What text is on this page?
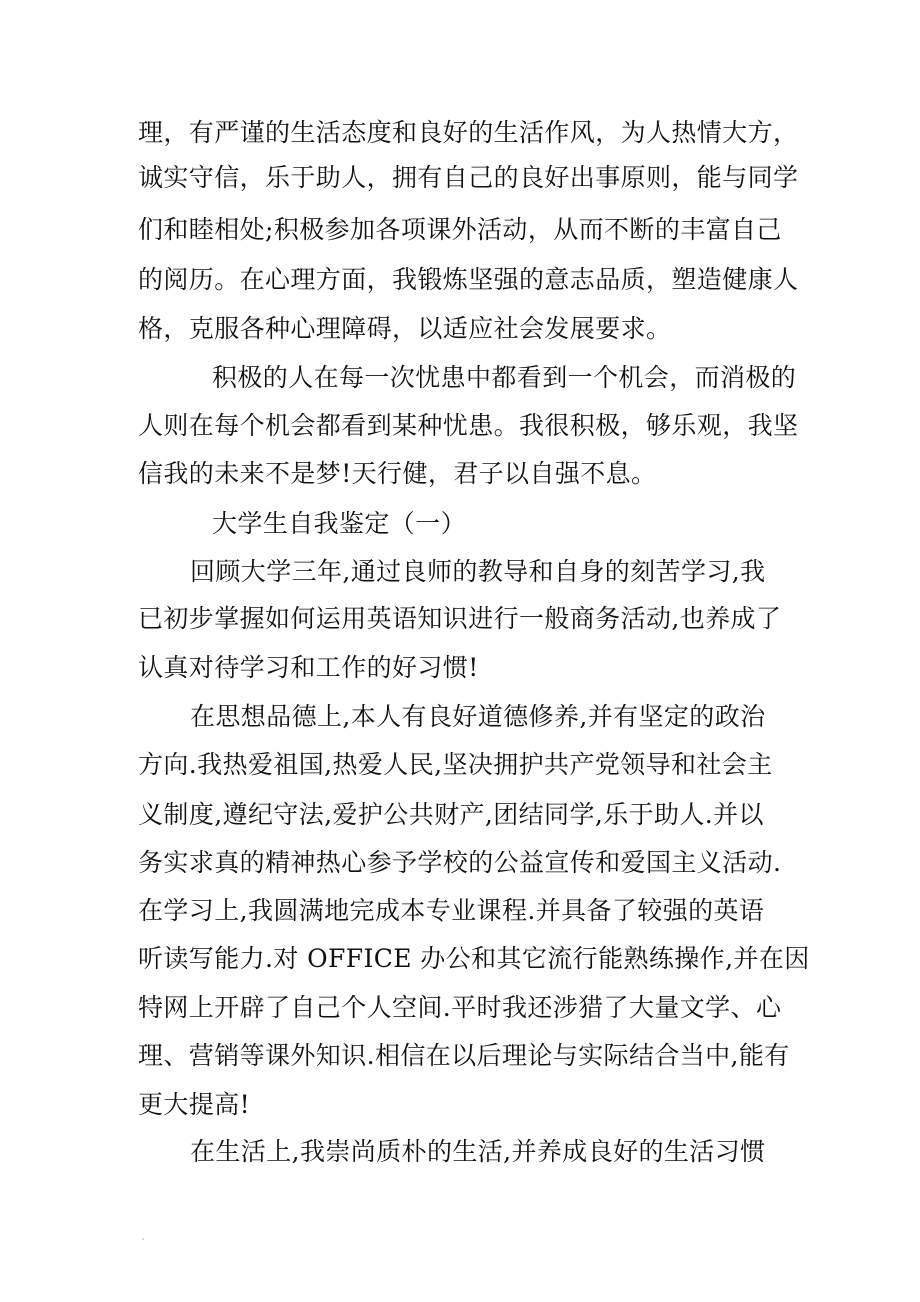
理，有严谨的生活态度和良好的生活作风，为人热情大方，
诚实守信，乐于助人，拥有自己的良好出事原则，能与同学
们和睦相处;积极参加各项课外活动，从而不断的丰富自己
的阅历。在心理方面，我锻炼坚强的意志品质，塑造健康人
格，克服各种心理障碍，以适应社会发展要求。
积极的人在每一次忧患中都看到一个机会，而消极的
人则在每个机会都看到某种忧患。我很积极，够乐观，我坚
信我的未来不是梦!天行健，君子以自强不息。
大学生自我鉴定（一）
回顾大学三年,通过良师的教导和自身的刻苦学习,我
已初步掌握如何运用英语知识进行一般商务活动,也养成了
认真对待学习和工作的好习惯!
在思想品德上,本人有良好道德修养,并有坚定的政治
方向.我热爱祖国,热爱人民,坚决拥护共产党领导和社会主
义制度,遵纪守法,爱护公共财产,团结同学,乐于助人.并以
务实求真的精神热心参予学校的公益宣传和爱国主义活动.
在学习上,我圆满地完成本专业课程.并具备了较强的英语
听读写能力.对 OFFICE 办公和其它流行能熟练操作,并在因
特网上开辟了自己个人空间.平时我还涉猎了大量文学、心
理、营销等课外知识.相信在以后理论与实际结合当中,能有
更大提高!
在生活上,我崇尚质朴的生活,并养成良好的生活习惯
